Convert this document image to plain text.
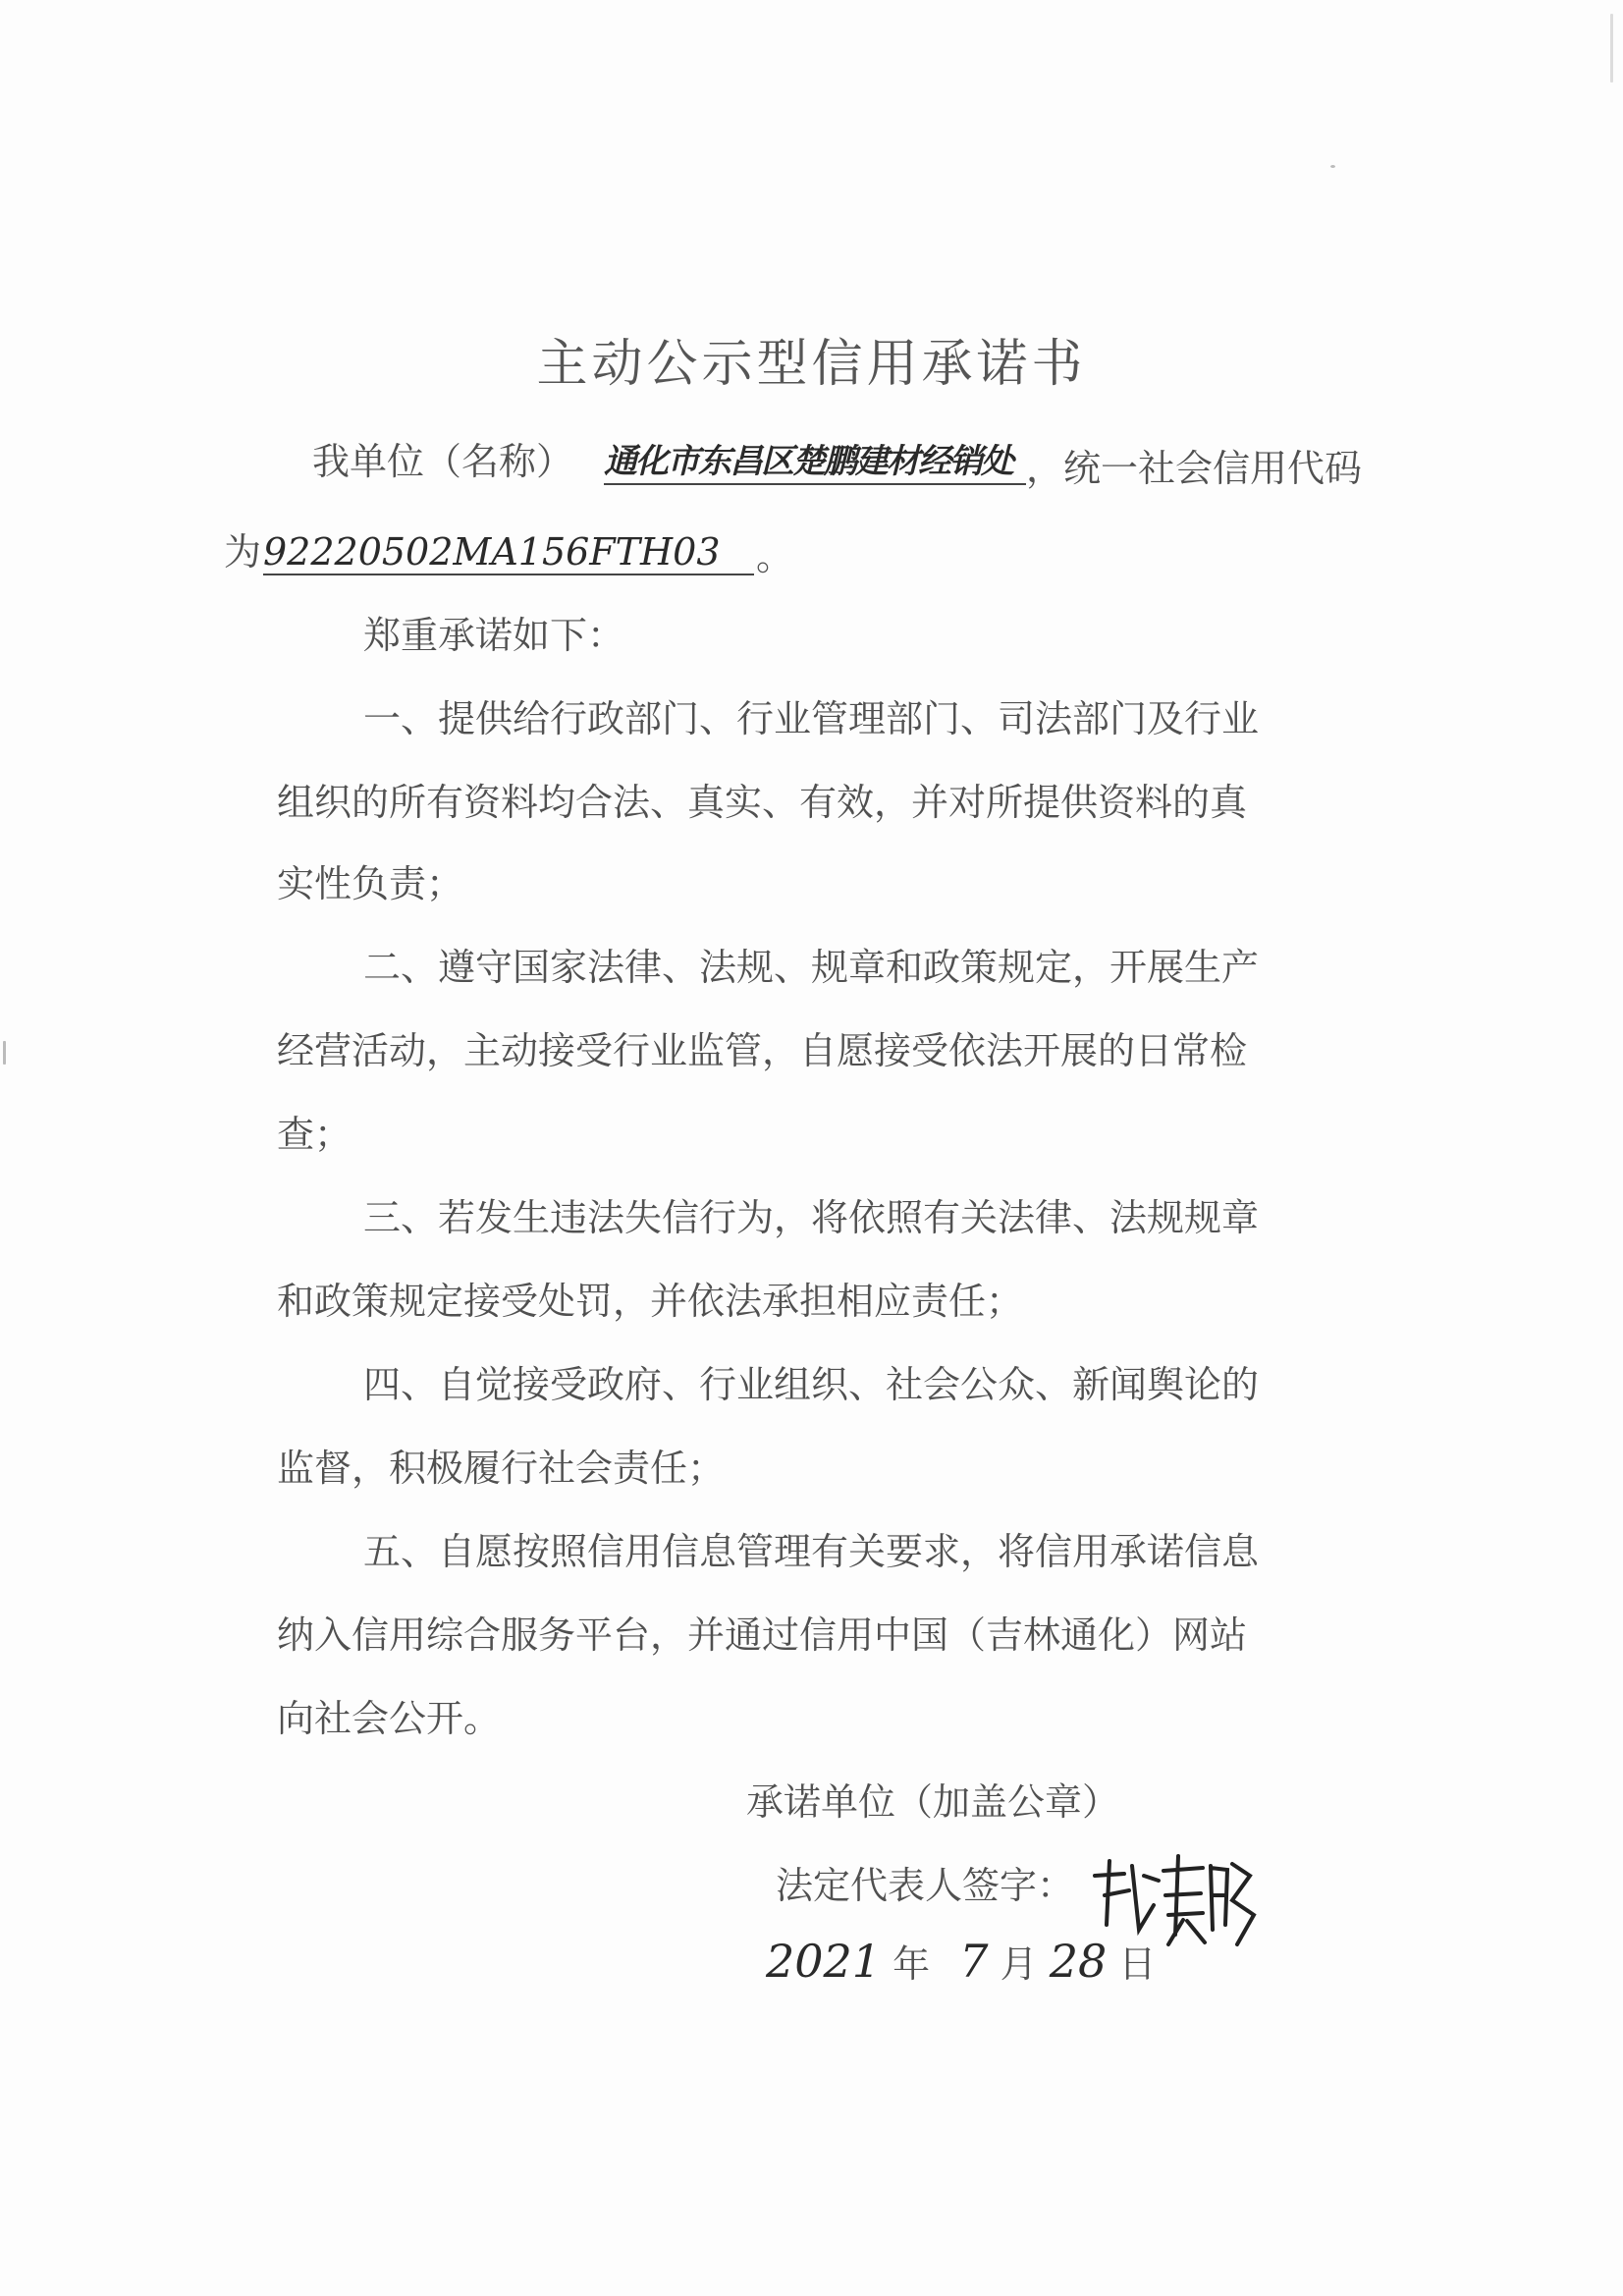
主动公示型信用承诺书
我单位（名称） 通化市东昌区楚鹏建材经销处 ，统一社会信用代码
为 92220502MA156FTH03 。
郑重承诺如下：
一、提供给行政部门、行业管理部门、司法部门及行业
组织的所有资料均合法、真实、有效，并对所提供资料的真
实性负责；
二、遵守国家法律、法规、规章和政策规定，开展生产
经营活动，主动接受行业监管，自愿接受依法开展的日常检
查；
三、若发生违法失信行为，将依照有关法律、法规规章
和政策规定接受处罚，并依法承担相应责任；
四、自觉接受政府、行业组织、社会公众、新闻舆论的
监督，积极履行社会责任；
五、自愿按照信用信息管理有关要求，将信用承诺信息
纳入信用综合服务平台，并通过信用中国（吉林通化）网站
向社会公开。
承诺单位（加盖公章）
法定代表人签字：
2021 年 7 月 28 日
